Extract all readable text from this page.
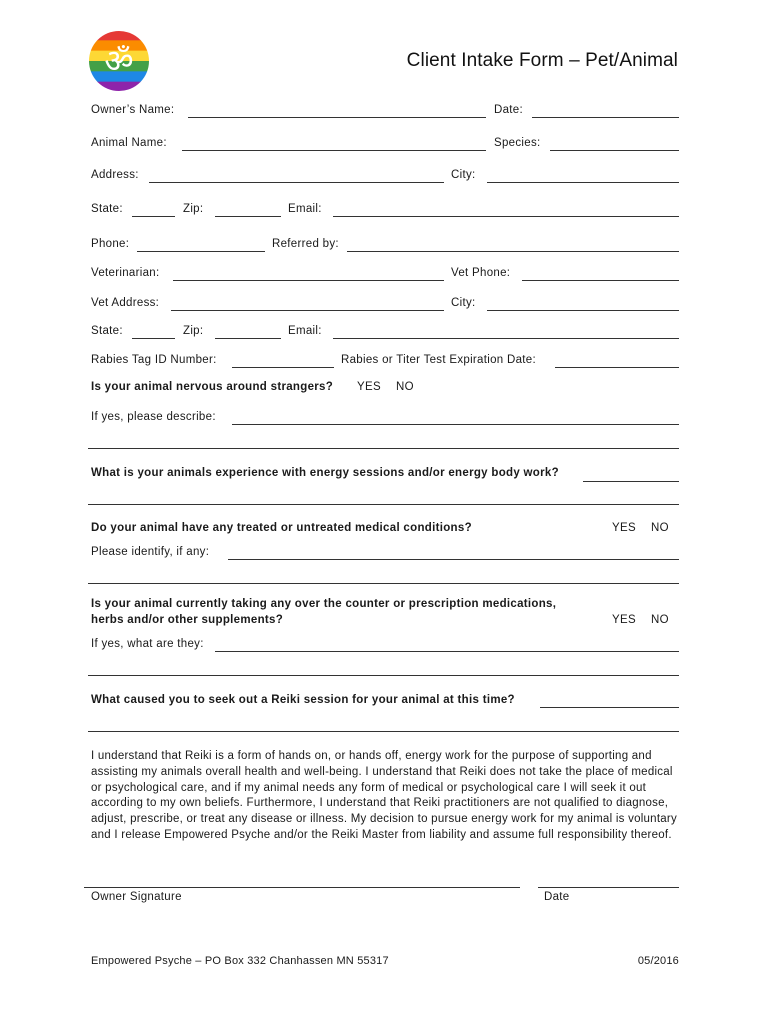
ॐ	Client Intake Form – Pet/Animal
Owner’s Name:	Date:
Animal Name:	Species:
Address:	City:
State:	Zip:	Email:
Phone:	Referred by:
Veterinarian:	Vet Phone:
Vet Address:	City:
State:	Zip:	Email:
Rabies Tag ID Number:	Rabies or Titer Test Expiration Date:
Is your animal nervous around strangers? YES NO
If yes, please describe:
What is your animals experience with energy sessions and/or energy body work?
Do your animal have any treated or untreated medical conditions?	YES NO
Please identify, if any:
Is your animal currently taking any over the counter or prescription medications,
herbs and/or other supplements?	YES NO
If yes, what are they:
What caused you to seek out a Reiki session for your animal at this time?
I understand that Reiki is a form of hands on, or hands off, energy work for the purpose of supporting and assisting my animals overall health and well-being. I understand that Reiki does not take the place of medical or psychological care, and if my animal needs any form of medical or psychological care I will seek it out according to my own beliefs. Furthermore, I understand that Reiki practitioners are not qualified to diagnose, adjust, prescribe, or treat any disease or illness. My decision to pursue energy work for my animal is voluntary and I release Empowered Psyche and/or the Reiki Master from liability and assume full responsibility thereof.
Owner Signature	Date
Empowered Psyche – PO Box 332 Chanhassen MN 55317	05/2016
